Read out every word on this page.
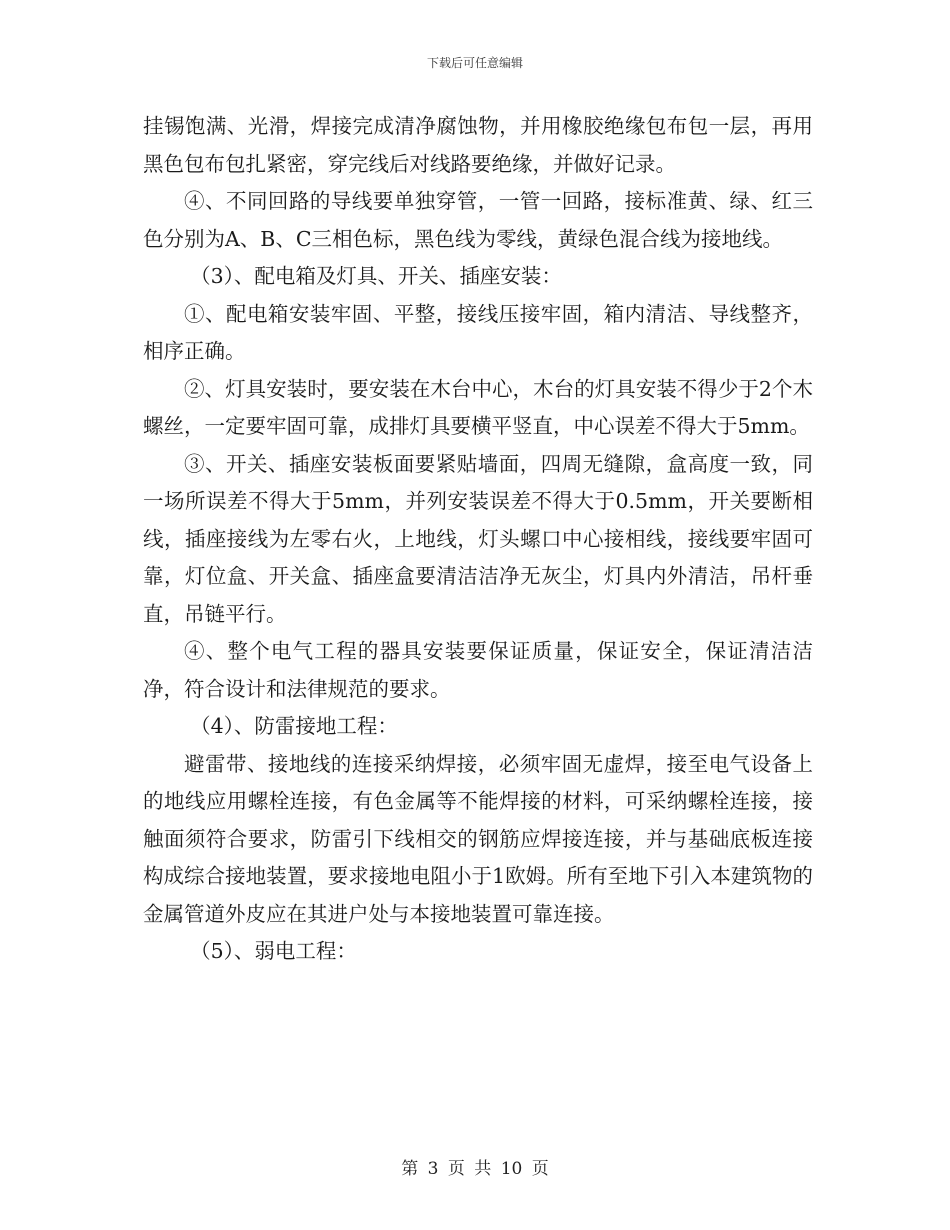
下载后可任意编辑

挂锡饱满、光滑，焊接完成清净腐蚀物，并用橡胶绝缘包布包一层，再用黑色包布包扎紧密，穿完线后对线路要绝缘，并做好记录。

④、不同回路的导线要单独穿管，一管一回路，接标准黄、绿、红三色分别为A、B、C三相色标，黑色线为零线，黄绿色混合线为接地线。

（3）、配电箱及灯具、开关、插座安装：

①、配电箱安装牢固、平整，接线压接牢固，箱内清洁、导线整齐，相序正确。

②、灯具安装时，要安装在木台中心，木台的灯具安装不得少于2个木螺丝，一定要牢固可靠，成排灯具要横平竖直，中心误差不得大于5mm。

③、开关、插座安装板面要紧贴墙面，四周无缝隙，盒高度一致，同一场所误差不得大于5mm，并列安装误差不得大于0.5mm，开关要断相线，插座接线为左零右火，上地线，灯头螺口中心接相线，接线要牢固可靠，灯位盒、开关盒、插座盒要清洁洁净无灰尘，灯具内外清洁，吊杆垂直，吊链平行。

④、整个电气工程的器具安装要保证质量，保证安全，保证清洁洁净，符合设计和法律规范的要求。

（4）、防雷接地工程：

避雷带、接地线的连接采纳焊接，必须牢固无虚焊，接至电气设备上的地线应用螺栓连接，有色金属等不能焊接的材料，可采纳螺栓连接，接触面须符合要求，防雷引下线相交的钢筋应焊接连接，并与基础底板连接构成综合接地装置，要求接地电阻小于1欧姆。所有至地下引入本建筑物的金属管道外皮应在其进户处与本接地装置可靠连接。

（5）、弱电工程：

第 3 页 共 10 页
